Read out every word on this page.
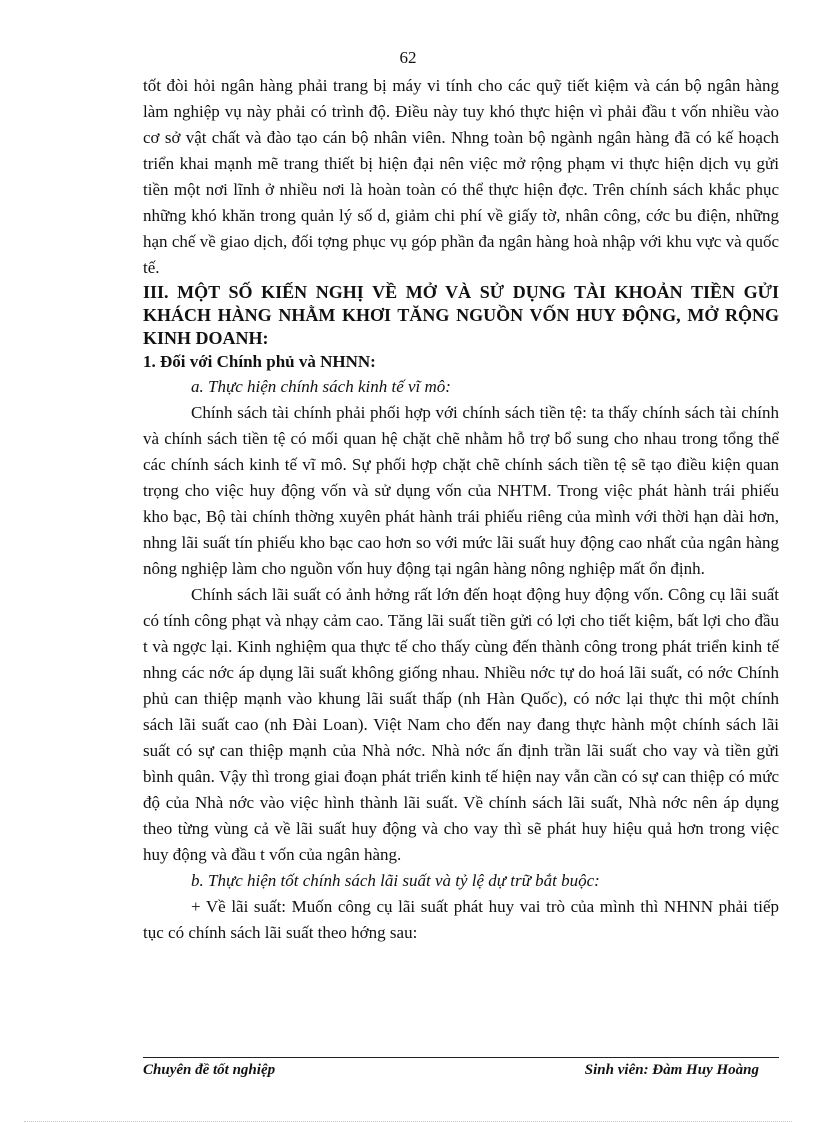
62

tốt đòi hỏi ngân hàng phải trang bị máy vi tính cho các quỹ tiết kiệm và cán bộ ngân hàng làm nghiệp vụ này phải có trình độ. Điều này tuy khó thực hiện vì phải đầu t vốn nhiều vào cơ sở vật chất và đào tạo cán bộ nhân viên. Nhng toàn bộ ngành ngân hàng đã có kế hoạch triển khai mạnh mẽ trang thiết bị hiện đại nên việc mở rộng phạm vi thực hiện dịch vụ gửi tiền một nơi lĩnh ở nhiều nơi là hoàn toàn có thể thực hiện đợc. Trên chính sách khắc phục những khó khăn trong quản lý số d, giảm chi phí về giấy tờ, nhân công, cớc bu điện, những hạn chế về giao dịch, đối tợng phục vụ góp phần đa ngân hàng hoà nhập với khu vực và quốc tế.

III. MỘT SỐ KIẾN NGHỊ VỀ MỞ VÀ SỬ DỤNG TÀI KHOẢN TIỀN GỬI KHÁCH HÀNG NHẰM KHƠI TĂNG NGUỒN VỐN HUY ĐỘNG, MỞ RỘNG KINH DOANH:

1. Đối với Chính phủ và NHNN:

a. Thực hiện chính sách kinh tế vĩ mô:

Chính sách tài chính phải phối hợp với chính sách tiền tệ: ta thấy chính sách tài chính và chính sách tiền tệ có mối quan hệ chặt chẽ nhằm hỗ trợ bổ sung cho nhau trong tổng thể các chính sách kinh tế vĩ mô. Sự phối hợp chặt chẽ chính sách tiền tệ sẽ tạo điều kiện quan trọng cho việc huy động vốn và sử dụng vốn của NHTM. Trong việc phát hành trái phiếu kho bạc, Bộ tài chính thờng xuyên phát hành trái phiếu riêng của mình với thời hạn dài hơn, nhng lãi suất tín phiếu kho bạc cao hơn so với mức lãi suất huy động cao nhất của ngân hàng nông nghiệp làm cho nguồn vốn huy động tại ngân hàng nông nghiệp mất ổn định.

Chính sách lãi suất có ảnh hởng rất lớn đến hoạt động huy động vốn. Công cụ lãi suất có tính công phạt và nhạy cảm cao. Tăng lãi suất tiền gửi có lợi cho tiết kiệm, bất lợi cho đầu t và ngợc lại. Kinh nghiệm qua thực tế cho thấy cùng đến thành công trong phát triển kinh tế nhng các nớc áp dụng lãi suất không giống nhau. Nhiều nớc tự do hoá lãi suất, có nớc Chính phủ can thiệp mạnh vào khung lãi suất thấp (nh Hàn Quốc), có nớc lại thực thi một chính sách lãi suất cao (nh Đài Loan). Việt Nam cho đến nay đang thực hành một chính sách lãi suất có sự can thiệp mạnh của Nhà nớc. Nhà nớc ấn định trần lãi suất cho vay và tiền gửi bình quân. Vậy thì trong giai đoạn phát triển kinh tế hiện nay vẫn cần có sự can thiệp có mức độ của Nhà nớc vào việc hình thành lãi suất. Về chính sách lãi suất, Nhà nớc nên áp dụng theo từng vùng cả về lãi suất huy động và cho vay thì sẽ phát huy hiệu quả hơn trong việc huy động và đầu t vốn của ngân hàng.

b. Thực hiện tốt chính sách lãi suất và tỷ lệ dự trữ bắt buộc:

+ Về lãi suất: Muốn công cụ lãi suất phát huy vai trò của mình thì NHNN phải tiếp tục có chính sách lãi suất theo hớng sau:

Chuyên đề tốt nghiệp	Sinh viên: Đàm Huy Hoàng
